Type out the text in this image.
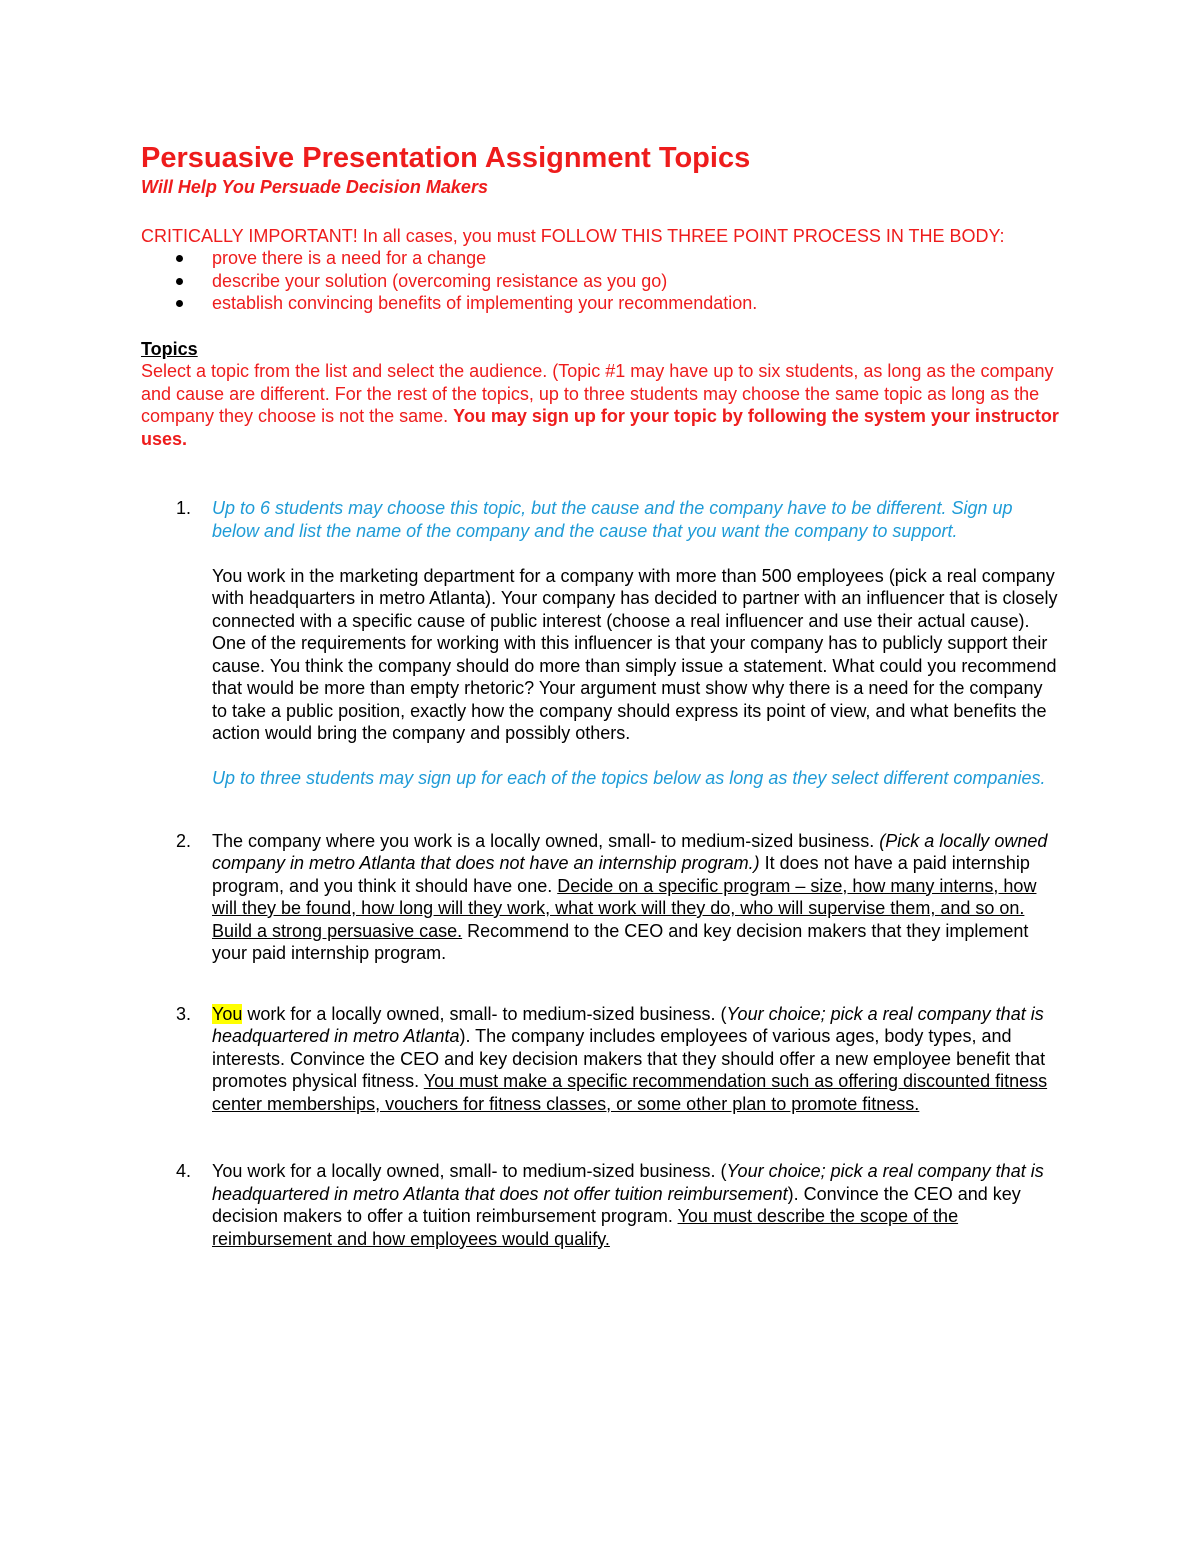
Persuasive Presentation Assignment Topics

Will Help You Persuade Decision Makers

CRITICALLY IMPORTANT! In all cases, you must FOLLOW THIS THREE POINT PROCESS IN THE BODY:

prove there is a need for a change
describe your solution (overcoming resistance as you go)
establish convincing benefits of implementing your recommendation.

Topics

Select a topic from the list and select the audience. (Topic #1 may have up to six students, as long as the company and cause are different. For the rest of the topics, up to three students may choose the same topic as long as the company they choose is not the same. You may sign up for your topic by following the system your instructor uses.

1. Up to 6 students may choose this topic, but the cause and the company have to be different. Sign up below and list the name of the company and the cause that you want the company to support.

You work in the marketing department for a company with more than 500 employees (pick a real company with headquarters in metro Atlanta). Your company has decided to partner with an influencer that is closely connected with a specific cause of public interest (choose a real influencer and use their actual cause). One of the requirements for working with this influencer is that your company has to publicly support their cause. You think the company should do more than simply issue a statement. What could you recommend that would be more than empty rhetoric? Your argument must show why there is a need for the company to take a public position, exactly how the company should express its point of view, and what benefits the action would bring the company and possibly others.

Up to three students may sign up for each of the topics below as long as they select different companies.

2. The company where you work is a locally owned, small- to medium-sized business. (Pick a locally owned company in metro Atlanta that does not have an internship program.) It does not have a paid internship program, and you think it should have one. Decide on a specific program – size, how many interns, how will they be found, how long will they work, what work will they do, who will supervise them, and so on. Build a strong persuasive case. Recommend to the CEO and key decision makers that they implement your paid internship program.

3. You work for a locally owned, small- to medium-sized business. (Your choice; pick a real company that is headquartered in metro Atlanta). The company includes employees of various ages, body types, and interests. Convince the CEO and key decision makers that they should offer a new employee benefit that promotes physical fitness. You must make a specific recommendation such as offering discounted fitness center memberships, vouchers for fitness classes, or some other plan to promote fitness.

4. You work for a locally owned, small- to medium-sized business. (Your choice; pick a real company that is headquartered in metro Atlanta that does not offer tuition reimbursement). Convince the CEO and key decision makers to offer a tuition reimbursement program. You must describe the scope of the reimbursement and how employees would qualify.
